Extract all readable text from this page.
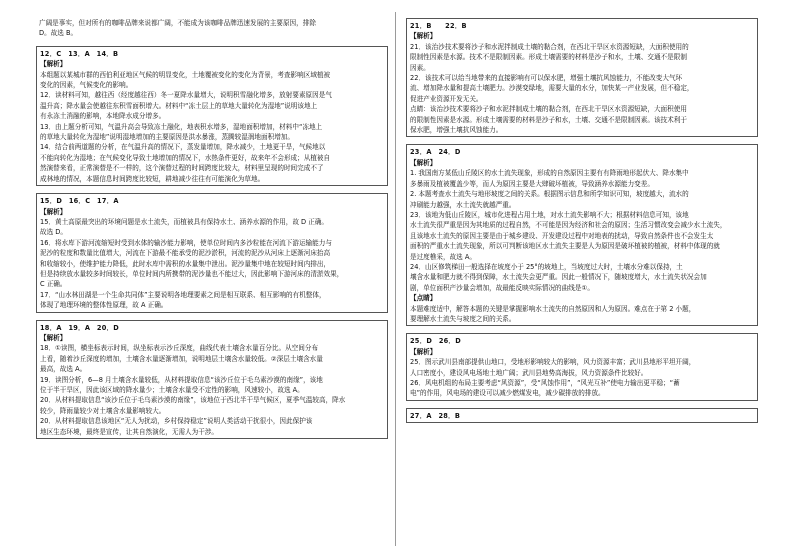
广阔是事实，但对所有的咖啡品牌来说都广阔，不能成为该咖啡品牌迅速发展的主要原因，排除
D。故选 B。
12．C　13．A　14．B
【解析】
本组题以某城市群的西伯利亚地区气候的明显变化，土地覆被变化的变化为背景，考查影响区域植被
变化的因素，气候变化的影响。
12．读材料可知，越往西（经度越往西）冬一夏降水量增大，说明积雪融化增多，放射要素原因是气
温升高；降水量会使越往东积雪面积增大。材料中“冻土层上的草地大量转化为湿地”说明该地上
有永冻土消融的影响，本地降水成分增多。
13．由上题分析可知，气温升高会导致冻土融化，地表积水增多，湿地面积增加，材料中“冻地上
的草地大量转化为湿地”说明湿地增加的主要原因是洪水暴涨，蒸腾较湿润地面积增加。
14．结合前两道题的分析，在气温升高的情况下，蒸发量增加，降水减少，土地更干旱，气候地以
不能向转化为湿地；在气候变化导致土地增加的情况下，水热条件更好，故来年不会形成；从植被自
然演替来看，正常演替是不一样的，这个演替过程的时间跨度比较大，材料里呈现的时间完成不了
成林地的情况，本题信息时间跨度比较短，耕地减少往往有可能演化为草地。
15．D　16．C　17．A
【解析】
15．黄土高原最突出的环境问题是水土流失，而植被具有保持水土、涵养水源的作用，故 D 正确。
故选 D。
16．将水库下游河流缩短时受到水体的输沙能力影响，使单位时间内多沙粒能在河流下游运输能力与
泥沙的粒度和数量比值增大，河流在下游最不能承受的泥沙淤积，河流的泥沙从河床上逐渐河床抬高
和收缩较小，使维护能力降低，此时水库中需积的水量集中泄出。泥沙量集中地在较短时间内排出，
但是持续放水量较多时间较长，单位时间内所携带的泥沙量也不能过大，因此影响下游河床的清淤效果，
C 正确。
17．“山水林田湖是一个生命共同体”主要说明各地理要素之间是相互联系、相互影响的有机整体，
体现了地理环境的整体性原理，故 A 正确。
18．A　19．A　20．D
【解析】
18．①读图，横坐标表示时间，纵坐标表示沙丘深度，曲线代表土壤含水量百分比。从空间分布
上看，随着沙丘深度的增加，土壤含水量逐渐增加，说明地层土壤含水量较低。②深层土壤含水量
最高，故选 A。
19．读图分析，6—8 月土壤含水量较低，从材料提取信息“该沙丘位于毛乌素沙漠的南缘”，该地
位于半干旱区，因此该区域的降水量少；土壤含水量受不定性的影响，风速较小，故选 A。
20．从材料提取信息“该沙丘位于毛乌素沙漠的南缘”，该地位于西北半干旱气候区，夏季气温较高，降水
较少，降雨量较少对土壤含水量影响较大。
20．从材料提取信息该地区“无人为扰动，乡村保持稳定”说明人类活动干扰很小，因此保护该
地区生态环境，最终是宣传，让其自然演化，无需人为干涉。
21．B　　22．B
【解析】
21．该治沙技术要将沙子和水泥拌制成土壤的黏合剂，在西北干旱区水资源短缺，大面积使用的
限制性因素是水源。技术不是限制因素。形成土壤需要的材料是沙子和水，土壤、交通不是限制
因素。
22．该技术可以给当地带来的直接影响有可以保水肥，增强土壤抗风蚀能力，不能改变大气环
流、增加降水量和提高土壤肥力。沙漠变绿地，需要大量的水分，加快某一产业发展，但不稳定，
促进产业资源开发无关。
点睛：该治沙技术要将沙子和水泥拌制成土壤的黏合剂，在西北干旱区水资源短缺，大面积使用
的限制性因素是水源。形成土壤需要的材料是沙子和水，土壤、交通不是限制因素。该技术利于
保水肥，增强土壤抗风蚀能力。
23．A　24．D
【解析】
1. 我国南方某低山丘陵区的水土流失现象，形成的自然原因主要有有降雨地形起伏大、降水集中
多暴雨及植被覆盖少等，而人为原因主要是大肆破坏植被，导致涵养水源能力变差。
2. 本题考查水土流失与地形坡度之间的关系。根据图示信息和所学知识可知，坡度越大，流水的
冲刷能力越强，水土流失就越严重。
23．该地为低山丘陵区，城市化进程占用土地，对水土流失影响不大；根据材料信息可知，该地
水土流失很严重是因为其地质的过程自然，不可能是因为经济和社会的原因；生活习惯改变会减少水土流失，
且该地水土流失的原因主要是由于城乡建设、开发建设过程中对地表的扰动，导致自然条件也不会发生太
面积的严重水土流失现象，所以可判断该地区水土流失主要是人为原因是破坏植被的植被，材料中体现的就
是过度樵采，故选 A。
24．山区修筑梯田一般选择在坡度小于 25°的坡地上，当坡度过大时，土壤水分难以保持，土
壤含水量和肥力就不得到保障，水土流失会更严重。因此一般情况下，随坡度增大，水土流失状况会加
剧，单位面积产沙量会增加，故最能反映实际情况的曲线是①。
【点睛】
本题难度适中，解答本题的关键是掌握影响水土流失的自然原因和人为原因。难点在于第 2 小题，
要理解水土流失与坡度之间的关系。
25．D　26．D
【解析】
25．图示武川县南部提供山地口，受地形影响较大的影响，风力资源丰富；武川县地形平坦开阔，
人口密度小，建设风电场地土地广阔；武川县地势高海拔，风力资源条件比较好。
26．风电机组的布局主要考虑“风资源”，受“风蚀作用”，“风光互补”使电力输出更平稳；“蓄
电”的作用，风电场的建设可以减少燃煤发电，减少碳排放的排放。
27．A　28．B
